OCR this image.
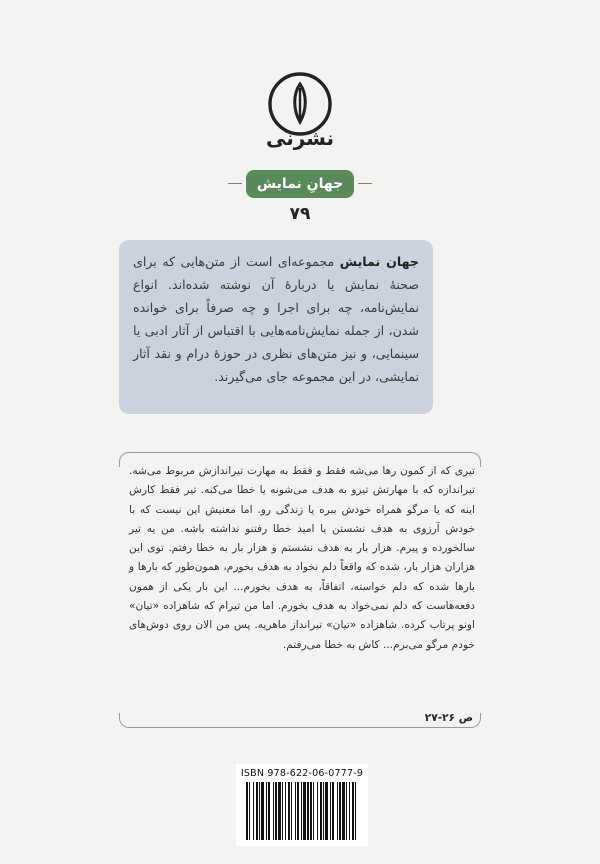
نشرنی
جهانِ نمایش
۷۹
جهان نمایش مجموعه‌ای است از متن‌هایی که برای صحنهٔ نمایش یا دربارهٔ آن نوشته شده‌اند. انواع نمایش‌نامه، چه برای اجرا و چه صرفاً برای خوانده شدن، از جمله نمایش‌نامه‌هایی با اقتباس از آثار ادبی یا سینمایی، و نیز متن‌های نظری در حوزهٔ درام و نقد آثار نمایشی، در این مجموعه جای می‌گیرند.
تیری که از کمون رها می‌شه فقط و فقط به مهارت تیراندازش مربوط می‌شه. تیراندازه که با مهارتش تیرو به هدف می‌شونه یا خطا می‌کنه. تیر فقط کارش اینه که یا مرگو همراه خودش ببره یا زندگی رو. اما معنیش این نیست که با خودش آرزوی به هدف نشستن یا امید خطا رفتنو نداشته باشه. من یه تیر سالخورده و پیرم. هزار بار به هدف نشستم و هزار بار به خطا رفتم. توی این هزاران هزار بار، شده که واقعاً دلم نخواد به هدف بخورم، همون‌طور که بارها و بارها شده که دلم خواسته، اتفاقاً، به هدف بخورم... این بار یکی از همون دفعه‌هاست که دلم نمی‌خواد به هدف بخورم. اما من تیرام که شاهزاده «تیان» اونو پرتاب کرده. شاهزاده «تیان» تیرانداز ماهریه. پس من الان روی دوش‌های خودم مرگو می‌برم... کاش به خطا می‌رفتم.
ص ۲۶-۲۷
ISBN 978-622-06-0777-9
